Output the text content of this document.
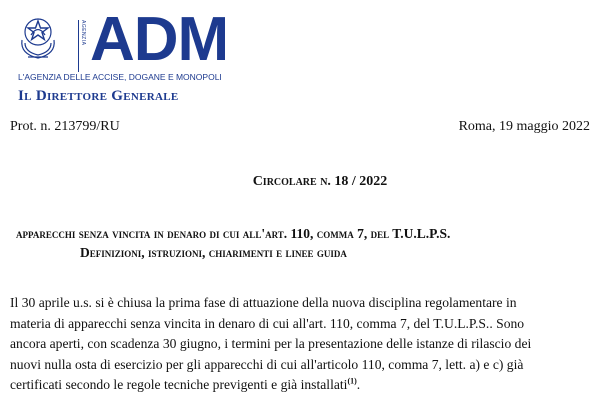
AGENZIA ADM
L'AGENZIA DELLE ACCISE, DOGANE E MONOPOLI
Il Direttore Generale
Prot. n. 213799/RU	Roma, 19 maggio 2022
Circolare n. 18 / 2022
apparecchi senza vincita in denaro di cui all'art. 110, comma 7, del T.U.L.P.S.
Definizioni, istruzioni, chiarimenti e linee guida
Il 30 aprile u.s. si è chiusa la prima fase di attuazione della nuova disciplina regolamentare in
materia di apparecchi senza vincita in denaro di cui all'art. 110, comma 7, del T.U.L.P.S.. Sono
ancora aperti, con scadenza 30 giugno, i termini per la presentazione delle istanze di rilascio dei
nuovi nulla osta di esercizio per gli apparecchi di cui all'articolo 110, comma 7, lett. a) e c) già
certificati secondo le regole tecniche previgenti e già installati$^{(1)}$.
